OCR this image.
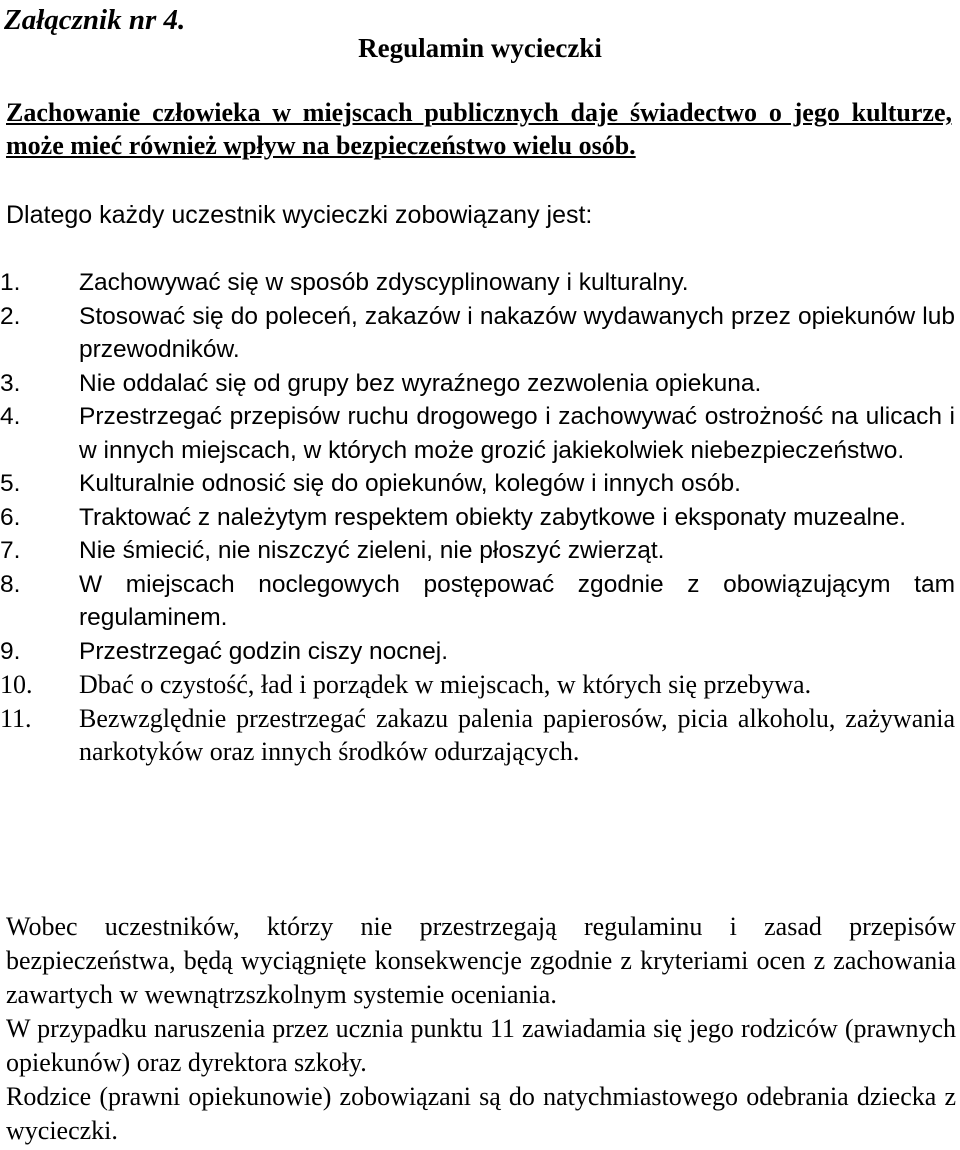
Załącznik nr 4.

Regulamin wycieczki

Zachowanie człowieka w miejscach publicznych daje świadectwo o jego kulturze, może mieć również wpływ na bezpieczeństwo wielu osób.

Dlatego każdy uczestnik wycieczki zobowiązany jest:

1.	Zachowywać się w sposób zdyscyplinowany i kulturalny.
2.	Stosować się do poleceń, zakazów i nakazów wydawanych przez opiekunów lub przewodników.
3.	Nie oddalać się od grupy bez wyraźnego zezwolenia opiekuna.
4.	Przestrzegać przepisów ruchu drogowego i zachowywać ostrożność na ulicach i w innych miejscach, w których może grozić jakiekolwiek niebezpieczeństwo.
5.	Kulturalnie odnosić się do opiekunów, kolegów i innych osób.
6.	Traktować z należytym respektem obiekty zabytkowe i eksponaty muzealne.
7.	Nie śmiecić, nie niszczyć zieleni, nie płoszyć zwierząt.
8.	W miejscach noclegowych postępować zgodnie z obowiązującym tam regulaminem.
9.	Przestrzegać godzin ciszy nocnej.
10.	Dbać o czystość, ład i porządek w miejscach, w których się przebywa.
11.	Bezwzględnie przestrzegać zakazu palenia papierosów, picia alkoholu, zażywania narkotyków oraz innych środków odurzających.

Wobec uczestników, którzy nie przestrzegają regulaminu i zasad przepisów bezpieczeństwa, będą wyciągnięte konsekwencje zgodnie z kryteriami ocen z zachowania zawartych w wewnątrzszkolnym systemie oceniania.

W przypadku naruszenia przez ucznia punktu 11 zawiadamia się jego rodziców (prawnych opiekunów) oraz dyrektora szkoły.

Rodzice (prawni opiekunowie) zobowiązani są do natychmiastowego odebrania dziecka z wycieczki.
